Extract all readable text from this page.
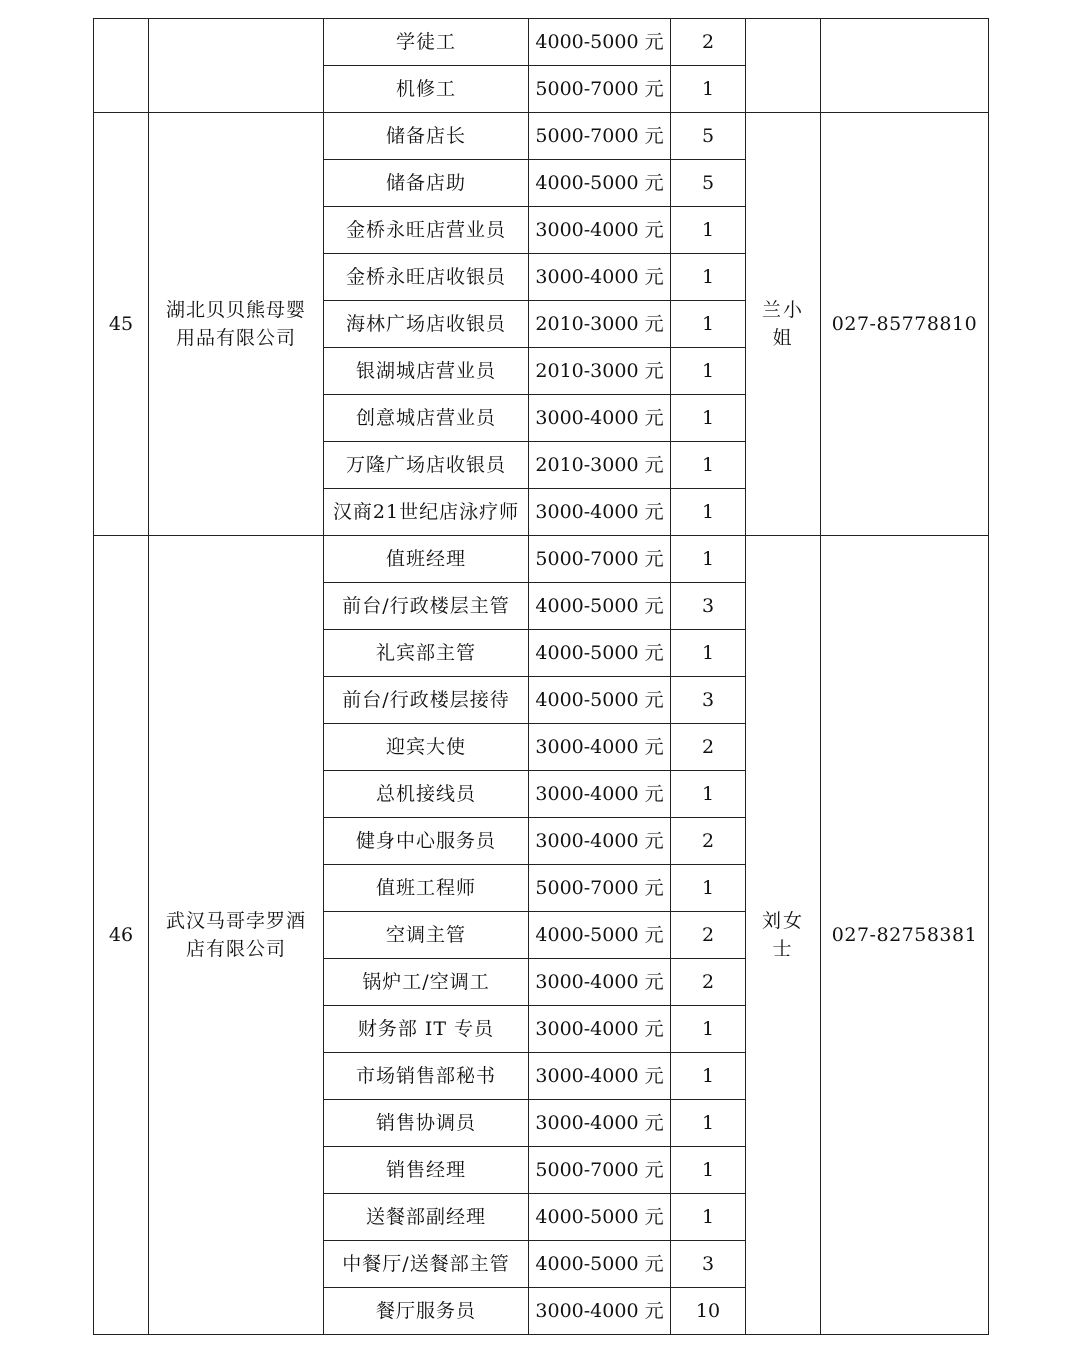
		学徒工	4000-5000 元	2		
		机修工	5000-7000 元	1		
45	湖北贝贝熊母婴用品有限公司	储备店长	5000-7000 元	5	兰小姐	027-85778810
		储备店助	4000-5000 元	5		
		金桥永旺店营业员	3000-4000 元	1		
		金桥永旺店收银员	3000-4000 元	1		
		海林广场店收银员	2010-3000 元	1		
		银湖城店营业员	2010-3000 元	1		
		创意城店营业员	3000-4000 元	1		
		万隆广场店收银员	2010-3000 元	1		
		汉商21世纪店泳疗师	3000-4000 元	1		
46	武汉马哥孛罗酒店有限公司	值班经理	5000-7000 元	1	刘女士	027-82758381
		前台/行政楼层主管	4000-5000 元	3		
		礼宾部主管	4000-5000 元	1		
		前台/行政楼层接待	4000-5000 元	3		
		迎宾大使	3000-4000 元	2		
		总机接线员	3000-4000 元	1		
		健身中心服务员	3000-4000 元	2		
		值班工程师	5000-7000 元	1		
		空调主管	4000-5000 元	2		
		锅炉工/空调工	3000-4000 元	2		
		财务部 IT 专员	3000-4000 元	1		
		市场销售部秘书	3000-4000 元	1		
		销售协调员	3000-4000 元	1		
		销售经理	5000-7000 元	1		
		送餐部副经理	4000-5000 元	1		
		中餐厅/送餐部主管	4000-5000 元	3		
		餐厅服务员	3000-4000 元	10		
